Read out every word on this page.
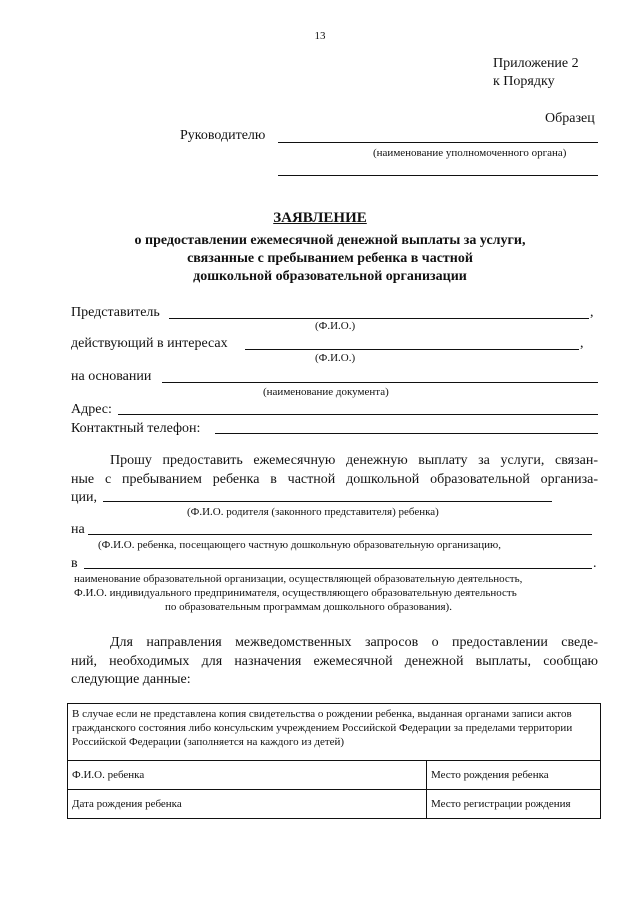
13
Приложение 2
к Порядку
Образец
Руководителю
(наименование уполномоченного органа)
ЗАЯВЛЕНИЕ
о предоставлении ежемесячной денежной выплаты за услуги,
связанные с пребыванием ребенка в частной
дошкольной образовательной организации
Представитель	,
(Ф.И.О.)
действующий в интересах	,
(Ф.И.О.)
на основании
(наименование документа)
Адрес:
Контактный телефон:
Прошу предоставить ежемесячную денежную выплату за услуги, связан-
ные с пребыванием ребенка в частной дошкольной образовательной организа-
ции,
(Ф.И.О. родителя (законного представителя) ребенка)
на
(Ф.И.О. ребенка, посещающего частную дошкольную образовательную организацию,
в	.
наименование образовательной организации, осуществляющей образовательную деятельность,
Ф.И.О. индивидуального предпринимателя, осуществляющего образовательную деятельность
по образовательным программам дошкольного образования).
Для направления межведомственных запросов о предоставлении сведе-
ний, необходимых для назначения ежемесячной денежной выплаты, сообщаю
следующие данные:
В случае если не представлена копия свидетельства о рождении ребенка, выданная органами записи актов гражданского состояния либо консульским учреждением Российской Федерации за пределами территории Российской Федерации (заполняется на каждого из детей)	
Ф.И.О. ребенка	Место рождения ребенка
Дата рождения ребенка	Место регистрации рождения
